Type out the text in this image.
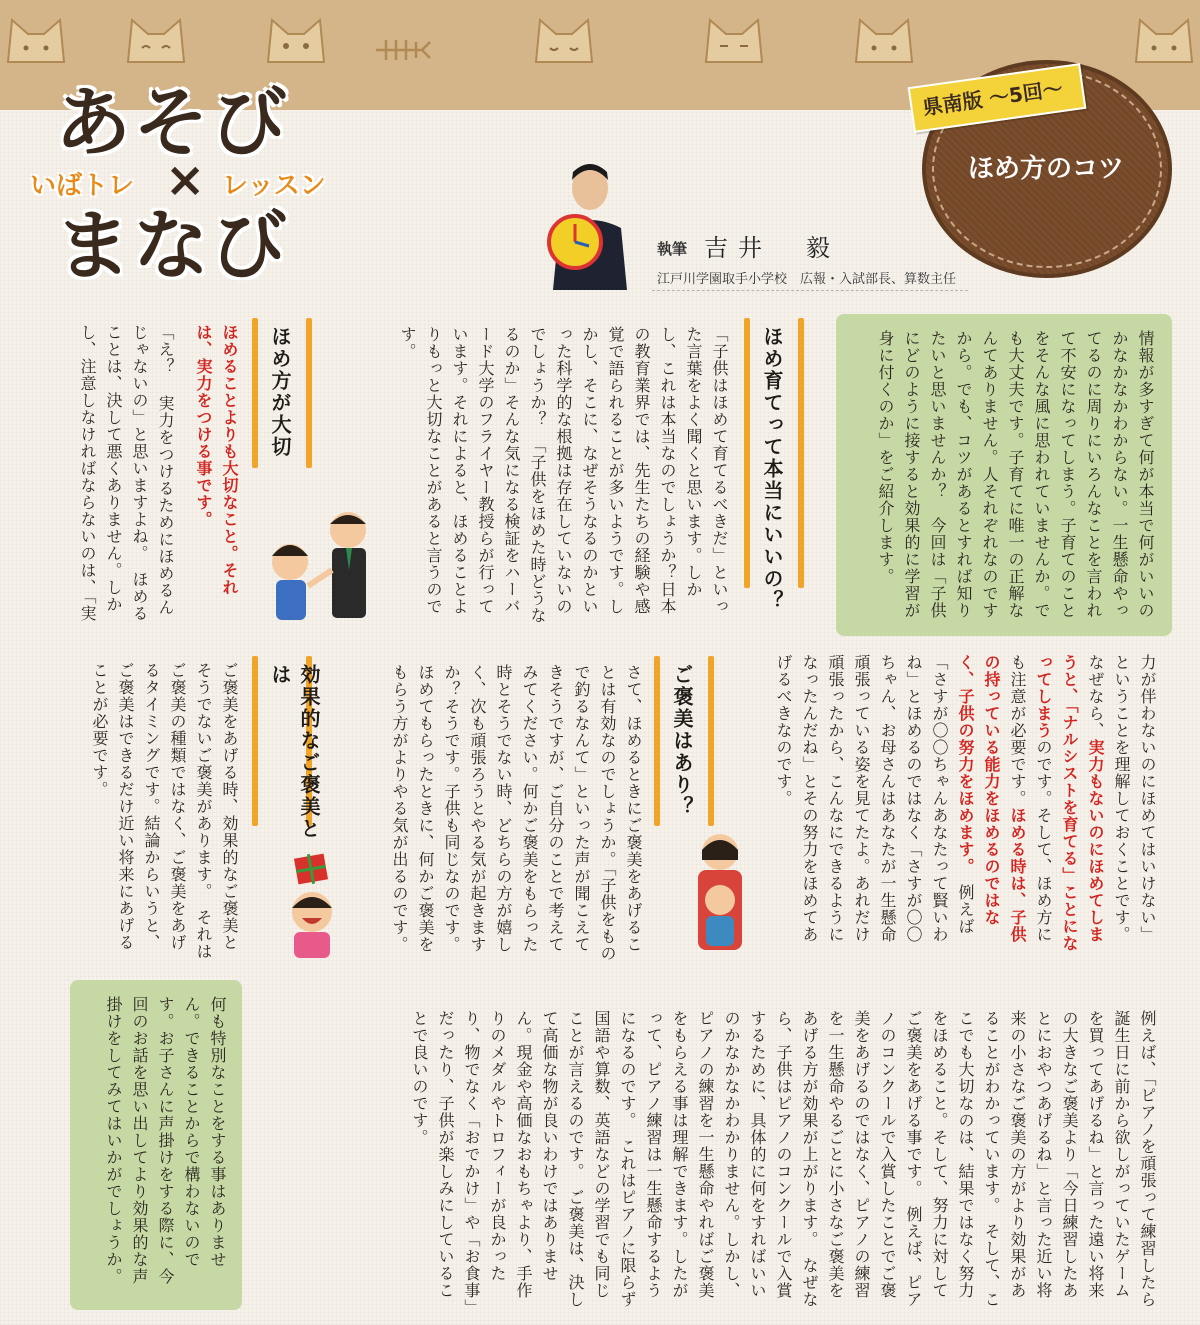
あそび
いばトレ × レッスン
まなび
県南版 ～5回～
ほめ方のコツ
執筆 吉井　毅
江戸川学園取手小学校　広報・入試部長、算数主任
情報が多すぎて何が本当で何がいいのかなかなかわからない。一生懸命やってるのに周りにいろんなことを言われて不安になってしまう。子育てのことをそんな風に思われていませんか。でも大丈夫です。子育てに唯一の正解なんてありません。人それぞれなのですから。でも、コツがあるとすれば知りたいと思いませんか？　今回は「子供にどのように接すると効果的に学習が身に付くのか」をご紹介します。
ほめ育てって本当にいいの？
「子供はほめて育てるべきだ」といった言葉をよく聞くと思います。しかし、これは本当なのでしょうか？日本の教育業界では、先生たちの経験や感覚で語られることが多いようです。しかし、そこに、なぜそうなるのかといった科学的な根拠は存在していないのでしょうか？　「子供をほめた時どうなるのか」そんな気になる検証をハーバード大学のフライヤー教授らが行っています。それによると、ほめることよりもっと大切なことがあると言うのです。
ほめ方が大切
ほめることよりも大切なこと。それは、実力をつける事です。
「え？ 実力をつけるためにほめるんじゃないの」と思いますよね。　ほめることは、決して悪くありません。しかし、注意しなければならないのは、「実
力が伴わないのにほめてはいけない」ということを理解しておくことです。なぜなら、実力もないのにほめてしまうと、「ナルシストを育てる」ことになってしまうのです。そして、ほめ方にも注意が必要です。ほめる時は、子供の持っている能力をほめるのではなく、子供の努力をほめます。　例えば「さすが〇〇ちゃんあなたって賢いわね」とほめるのではなく「さすが〇〇ちゃん、お母さんはあなたが一生懸命頑張っている姿を見てたよ。あれだけ頑張ったから、こんなにできるようになったんだね」とその努力をほめてあげるべきなのです。
ご褒美はあり？
さて、ほめるときにご褒美をあげることは有効なのでしょうか。「子供をもので釣るなんて」といった声が聞こえてきそうですが、ご自分のことで考えてみてください。何かご褒美をもらった時とそうでない時、どちらの方が嬉しく、次も頑張ろうとやる気が起きますか？そうです。子供も同じなのです。ほめてもらったときに、何かご褒美をもらう方がよりやる気が出るのです。
効果的なご褒美とは
ご褒美をあげる時、効果的なご褒美とそうでないご褒美があります。　それはご褒美の種類ではなく、ご褒美をあげるタイミングです。結論からいうと、ご褒美はできるだけ近い将来にあげることが必要です。
例えば、「ピアノを頑張って練習したら誕生日に前から欲しがっていたゲームを買ってあげるね」と言った遠い将来の大きなご褒美より「今日練習したあとにおやつあげるね」と言った近い将来の小さなご褒美の方がより効果があることがわかっています。　そして、ここでも大切なのは、結果ではなく努力をほめること。そして、努力に対してご褒美をあげる事です。　例えば、ピアノのコンクールで入賞したことでご褒美をあげるのではなく、ピアノの練習を一生懸命やるごとに小さなご褒美をあげる方が効果が上がります。　なぜなら、子供はピアノのコンクールで入賞するために、具体的に何をすればいいのかなかなかわかりません。しかし、ピアノの練習を一生懸命やればご褒美をもらえる事は理解できます。したがって、ピアノ練習は一生懸命するようになるのです。　これはピアノに限らず国語や算数、英語などの学習でも同じことが言えるのです。　ご褒美は、決して高価な物が良いわけではありません。現金や高価なおもちゃより、手作りのメダルやトロフィーが良かったり、物でなく「おでかけ」や「お食事」だったり、子供が楽しみにしていることで良いのです。
何も特別なことをする事はありません。できることからで構わないのです。お子さんに声掛けをする際に、今回のお話を思い出してより効果的な声掛けをしてみてはいかがでしょうか。
